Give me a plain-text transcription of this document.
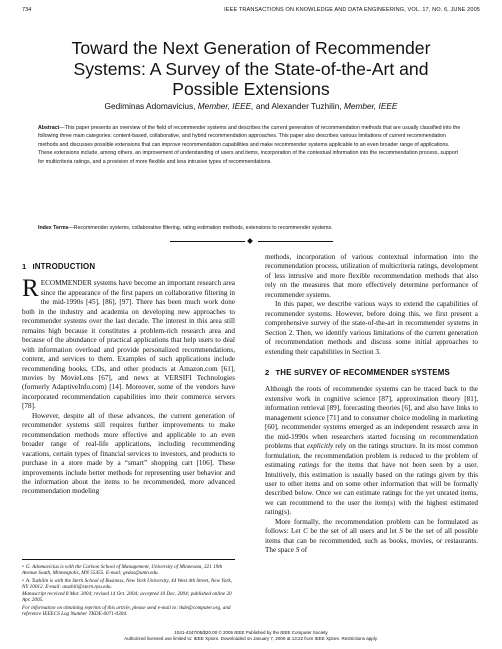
734	IEEE TRANSACTIONS ON KNOWLEDGE AND DATA ENGINEERING, VOL. 17, NO. 6, JUNE 2005
Toward the Next Generation of Recommender
Systems: A Survey of the State-of-the-Art and
Possible Extensions
Gediminas Adomavicius, Member, IEEE, and Alexander Tuzhilin, Member, IEEE
Abstract—This paper presents an overview of the field of recommender systems and describes the current generation of recommendation methods that are usually classified into the following three main categories: content-based, collaborative, and hybrid recommendation approaches. This paper also describes various limitations of current recommendation methods and discusses possible extensions that can improve recommendation capabilities and make recommender systems applicable to an even broader range of applications. These extensions include, among others, an improvement of understanding of users and items, incorporation of the contextual information into the recommendation process, support for multicriteria ratings, and a provision of more flexible and less intrusive types of recommendations.
Index Terms—Recommender systems, collaborative filtering, rating estimation methods, extensions to recommender systems.
1 INTRODUCTION

RECOMMENDER systems have become an important research area since the appearance of the first papers on collaborative filtering in the mid-1990s [45], [86], [97]. There has been much work done both in the industry and academia on developing new approaches to recommender systems over the last decade. The interest in this area still remains high because it constitutes a problem-rich research area and because of the abundance of practical applications that help users to deal with information overload and provide personalized recommendations, content, and services to them. Examples of such applications include recommending books, CDs, and other products at Amazon.com [61], movies by MovieLens [67], and news at VERSIFI Technologies (formerly AdaptiveInfo.com) [14]. Moreover, some of the vendors have incorporated recommendation capabilities into their commerce servers [78].

However, despite all of these advances, the current generation of recommender systems still requires further improvements to make recommendation methods more effective and applicable to an even broader range of real-life applications, including recommending vacations, certain types of financial services to investors, and products to purchase in a store made by a “smart” shopping cart [106]. These improvements include better methods for representing user behavior and the information about the items to be recommended, more advanced recommendation modeling

methods, incorporation of various contextual information into the recommendation process, utilization of multicriteria ratings, development of less intrusive and more flexible recommendation methods that also rely on the measures that more effectively determine performance of recommender systems.

In this paper, we describe various ways to extend the capabilities of recommender systems. However, before doing this, we first present a comprehensive survey of the state-of-the-art in recommender systems in Section 2. Then, we identify various limitations of the current generation of recommendation methods and discuss some initial approaches to extending their capabilities in Section 3.

2 THE SURVEY OF RECOMMENDER SYSTEMS

Although the roots of recommender systems can be traced back to the extensive work in cognitive science [87], approximation theory [81], information retrieval [89], forecasting theories [6], and also have links to management science [71] and to consumer choice modeling in marketing [60], recommender systems emerged as an independent research area in the mid-1990s when researchers started focusing on recommendation problems that explicitly rely on the ratings structure. In its most common formulation, the recommendation problem is reduced to the problem of estimating ratings for the items that have not been seen by a user. Intuitively, this estimation is usually based on the ratings given by this user to other items and on some other information that will be formally described below. Once we can estimate ratings for the yet unrated items, we can recommend to the user the item(s) with the highest estimated rating(s).

More formally, the recommendation problem can be formulated as follows: Let C be the set of all users and let S be the set of all possible items that can be recommended, such as books, movies, or restaurants. The space S of

• G. Adomavicius is with the Carlson School of Management, University of Minnesota, 321 19th Avenue South, Minneapolis, MN 55455. E-mail: gedas@umn.edu.

• A. Tuzhilin is with the Stern School of Business, New York University, 44 West 4th Street, New York, NY 10012. E-mail: atuzhili@stern.nyu.edu.

Manuscript received 8 Mar. 2004; revised 14 Oct. 2004; accepted 10 Dec. 2004; published online 20 Apr. 2005.

For information on obtaining reprints of this article, please send e-mail to: tkde@computer.org, and reference IEEECS Log Number TKDE-0071-0304.

1041-4347/05/$20.00 © 2005 IEEE Published by the IEEE Computer Society
Authorized licensed use limited to: IEEE Xplore. Downloaded on January 7, 2009 at 13:22 from IEEE Xplore. Restrictions apply.
